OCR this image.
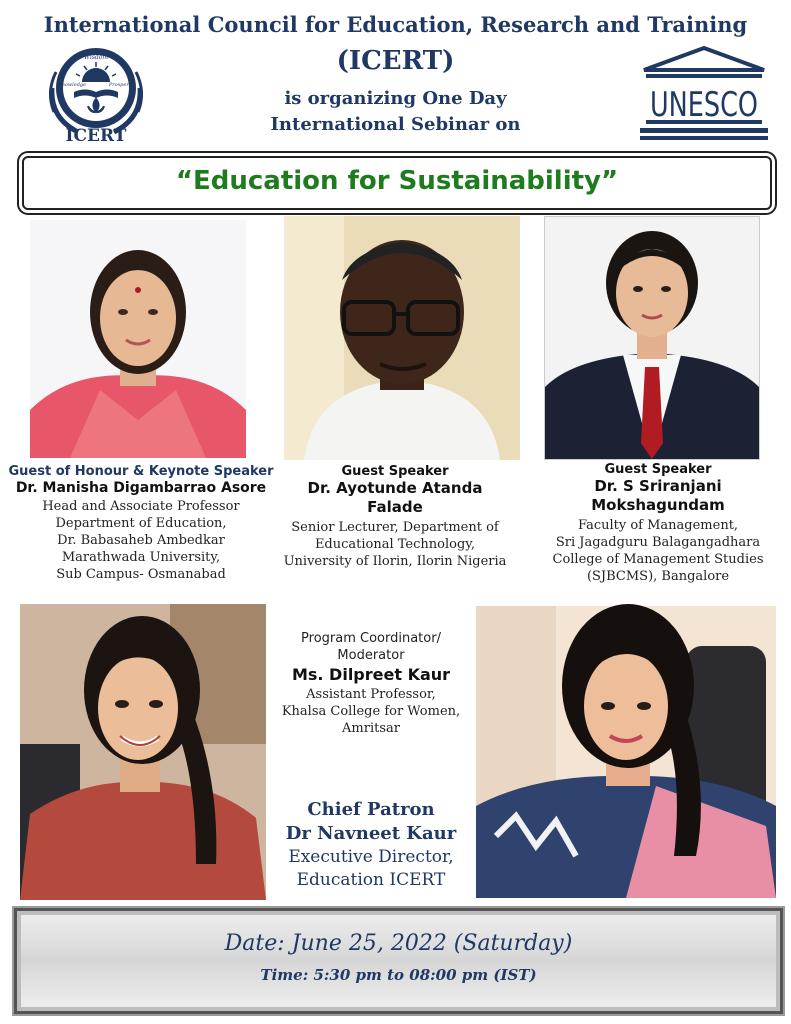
International Council for Education, Research and Training
(ICERT)
is organizing One Day
International Sebinar on
Wisdom
Knowledge	Prosperity
ICERT
UNESCO
“Education for Sustainability”
Guest of Honour & Keynote Speaker
Dr. Manisha Digambarrao Asore
Head and Associate Professor
Department of Education,
Dr. Babasaheb Ambedkar
Marathwada University,
Sub Campus- Osmanabad
Guest Speaker
Dr. Ayotunde Atanda
Falade
Senior Lecturer, Department of
Educational Technology,
University of Ilorin, Ilorin Nigeria
Guest Speaker
Dr. S Sriranjani
Mokshagundam
Faculty of Management,
Sri Jagadguru Balagangadhara
College of Management Studies
(SJBCMS), Bangalore
Program Coordinator/
Moderator
Ms. Dilpreet Kaur
Assistant Professor,
Khalsa College for Women,
Amritsar
Chief Patron
Dr Navneet Kaur
Executive Director,
Education ICERT
Date: June 25, 2022 (Saturday)
Time: 5:30 pm to 08:00 pm (IST)
